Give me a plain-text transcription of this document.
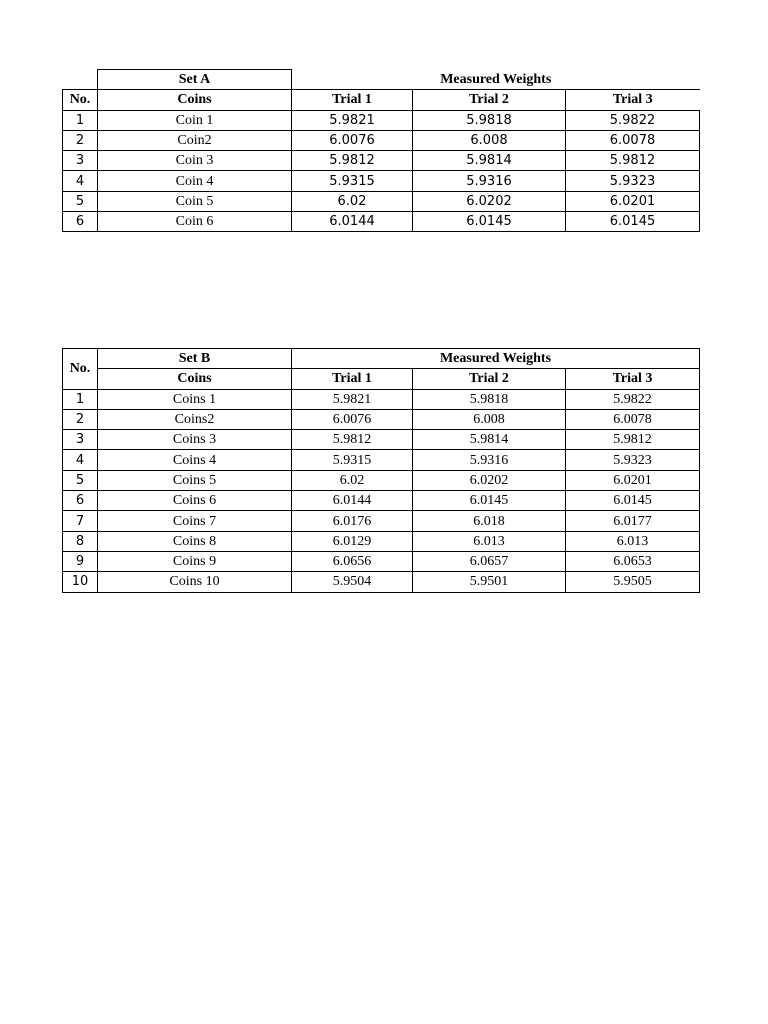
	Set A	Measured Weights		
No.	Coins	Trial 1	Trial 2	Trial 3
1	Coin 1	5.9821	5.9818	5.9822
2	Coin2	6.0076	6.008	6.0078
3	Coin 3	5.9812	5.9814	5.9812
4	Coin 4	5.9315	5.9316	5.9323
5	Coin 5	6.02	6.0202	6.0201
6	Coin 6	6.0144	6.0145	6.0145
No.	Set B	Measured Weights		
	Coins	Trial 1	Trial 2	Trial 3
1	Coins 1	5.9821	5.9818	5.9822
2	Coins2	6.0076	6.008	6.0078
3	Coins 3	5.9812	5.9814	5.9812
4	Coins 4	5.9315	5.9316	5.9323
5	Coins 5	6.02	6.0202	6.0201
6	Coins 6	6.0144	6.0145	6.0145
7	Coins 7	6.0176	6.018	6.0177
8	Coins 8	6.0129	6.013	6.013
9	Coins 9	6.0656	6.0657	6.0653
10	Coins 10	5.9504	5.9501	5.9505
